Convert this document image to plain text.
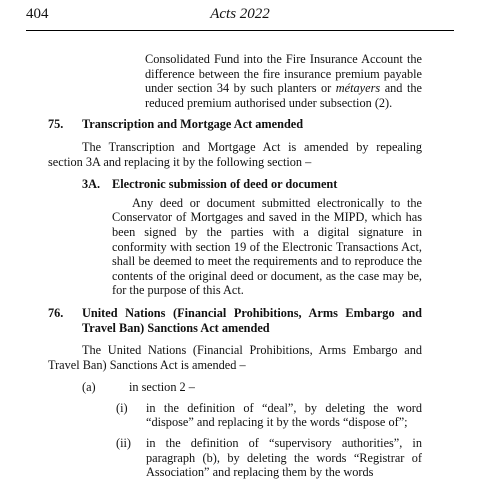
404	Acts 2022

Consolidated Fund into the Fire Insurance Account the difference between the fire insurance premium payable under section 34 by such planters or métayers and the reduced premium authorised under subsection (2).

75.	Transcription and Mortgage Act amended

The Transcription and Mortgage Act is amended by repealing section 3A and replacing it by the following section –

3A. Electronic submission of deed or document

Any deed or document submitted electronically to the Conservator of Mortgages and saved in the MIPD, which has been signed by the parties with a digital signature in conformity with section 19 of the Electronic Transactions Act, shall be deemed to meet the requirements and to reproduce the contents of the original deed or document, as the case may be, for the purpose of this Act.

76.	United Nations (Financial Prohibitions, Arms Embargo and Travel Ban) Sanctions Act amended

The United Nations (Financial Prohibitions, Arms Embargo and Travel Ban) Sanctions Act is amended –

(a)	in section 2 –
(i)	in the definition of “deal”, by deleting the word “dispose” and replacing it by the words “dispose of”;
(ii)	in the definition of “supervisory authorities”, in paragraph (b), by deleting the words “Registrar of Association” and replacing them by the words
